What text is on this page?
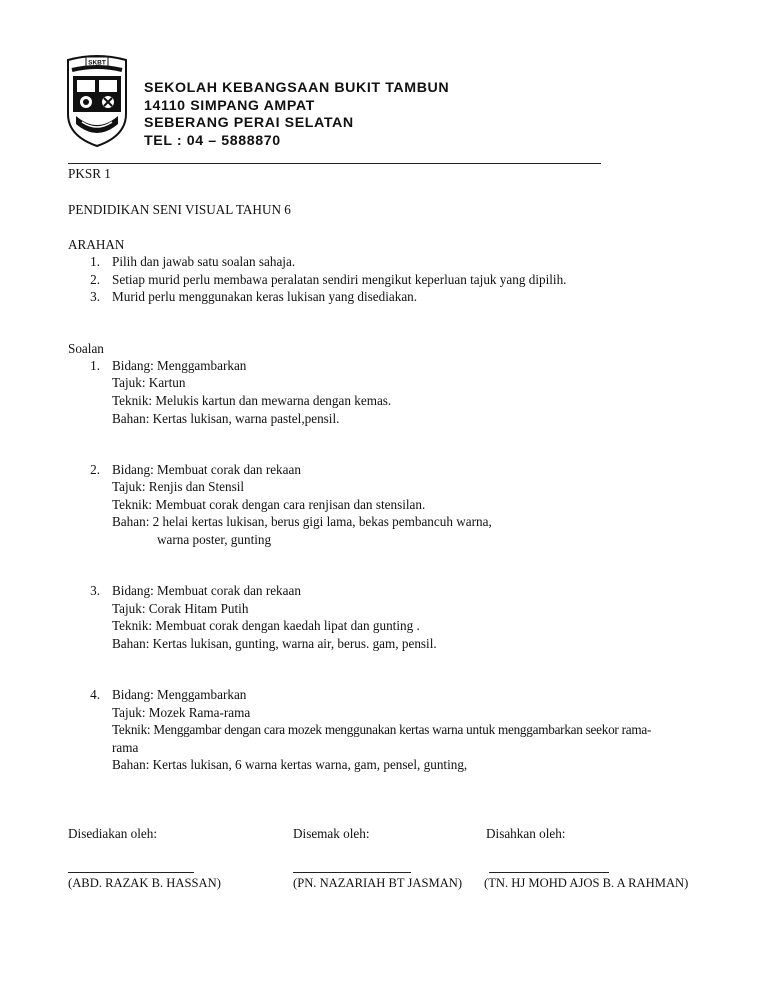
SKBT
SEKOLAH KEBANGSAAN BUKIT TAMBUN
14110 SIMPANG AMPAT
SEBERANG PERAI SELATAN
TEL : 04 – 5888870
PKSR 1
PENDIDIKAN SENI VISUAL TAHUN 6
ARAHAN
1. Pilih dan jawab satu soalan sahaja.
2. Setiap murid perlu membawa peralatan sendiri mengikut keperluan tajuk yang dipilih.
3. Murid perlu menggunakan keras lukisan yang disediakan.
Soalan
1. Bidang: Menggambarkan
Tajuk: Kartun
Teknik: Melukis kartun dan mewarna dengan kemas.
Bahan: Kertas lukisan, warna pastel,pensil.
2. Bidang: Membuat corak dan rekaan
Tajuk: Renjis dan Stensil
Teknik: Membuat corak dengan cara renjisan dan stensilan.
Bahan: 2 helai kertas lukisan, berus gigi lama, bekas pembancuh warna,
warna poster, gunting
3. Bidang: Membuat corak dan rekaan
Tajuk: Corak Hitam Putih
Teknik: Membuat corak dengan kaedah lipat dan gunting .
Bahan: Kertas lukisan, gunting, warna air, berus. gam, pensil.
4. Bidang: Menggambarkan
Tajuk: Mozek Rama-rama
Teknik: Menggambar dengan cara mozek menggunakan kertas warna untuk menggambarkan seekor rama-
rama
Bahan: Kertas lukisan, 6 warna kertas warna, gam, pensel, gunting,
Disediakan oleh:
(ABD. RAZAK B. HASSAN)
Disemak oleh:
(PN. NAZARIAH BT JASMAN)
Disahkan oleh:
(TN. HJ MOHD AJOS B. A RAHMAN)
